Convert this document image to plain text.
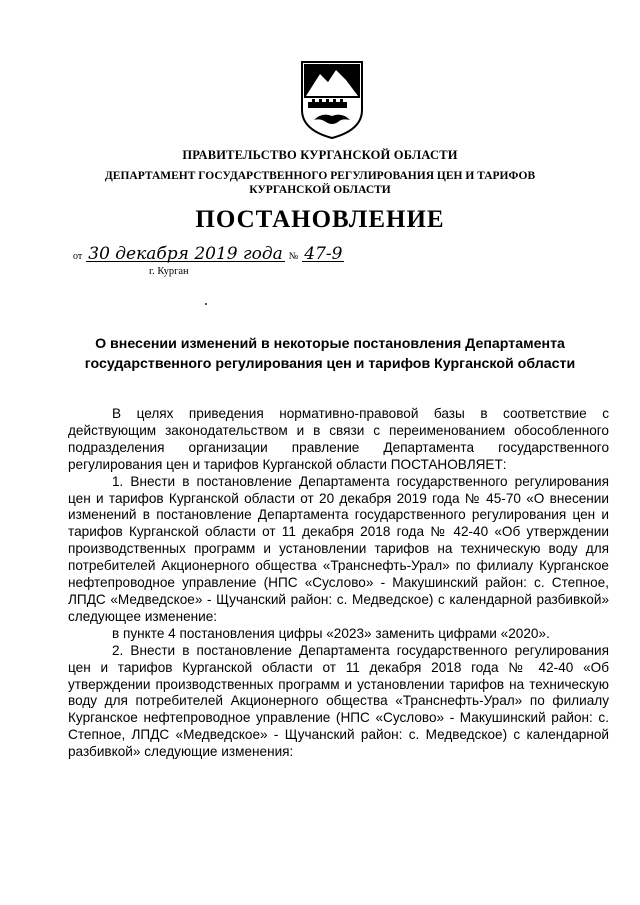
ПРАВИТЕЛЬСТВО КУРГАНСКОЙ ОБЛАСТИ
ДЕПАРТАМЕНТ ГОСУДАРСТВЕННОГО РЕГУЛИРОВАНИЯ ЦЕН И ТАРИФОВ
КУРГАНСКОЙ ОБЛАСТИ
ПОСТАНОВЛЕНИЕ
от 30 декабря 2019 года № 47-9
г. Курган
О внесении изменений в некоторые постановления Департамента
государственного регулирования цен и тарифов Курганской области

В целях приведения нормативно-правовой базы в соответствие с действующим законодательством и в связи с переименованием обособленного подразделения организации правление Департамента государственного регулирования цен и тарифов Курганской области ПОСТАНОВЛЯЕТ:

1. Внести в постановление Департамента государственного регулирования цен и тарифов Курганской области от 20 декабря 2019 года № 45-70 «О внесении изменений в постановление Департамента государственного регулирования цен и тарифов Курганской области от 11 декабря 2018 года № 42-40 «Об утверждении производственных программ и установлении тарифов на техническую воду для потребителей Акционерного общества «Транснефть-Урал» по филиалу Курганское нефтепроводное управление (НПС «Суслово» - Макушинский район: с. Степное, ЛПДС «Медведское» - Щучанский район: с. Медведское) с календарной разбивкой» следующее изменение:

в пункте 4 постановления цифры «2023» заменить цифрами «2020».

2. Внести в постановление Департамента государственного регулирования цен и тарифов Курганской области от 11 декабря 2018 года № 42-40 «Об утверждении производственных программ и установлении тарифов на техническую воду для потребителей Акционерного общества «Транснефть-Урал» по филиалу Курганское нефтепроводное управление (НПС «Суслово» - Макушинский район: с. Степное, ЛПДС «Медведское» - Щучанский район: с. Медведское) с календарной разбивкой» следующие изменения:
